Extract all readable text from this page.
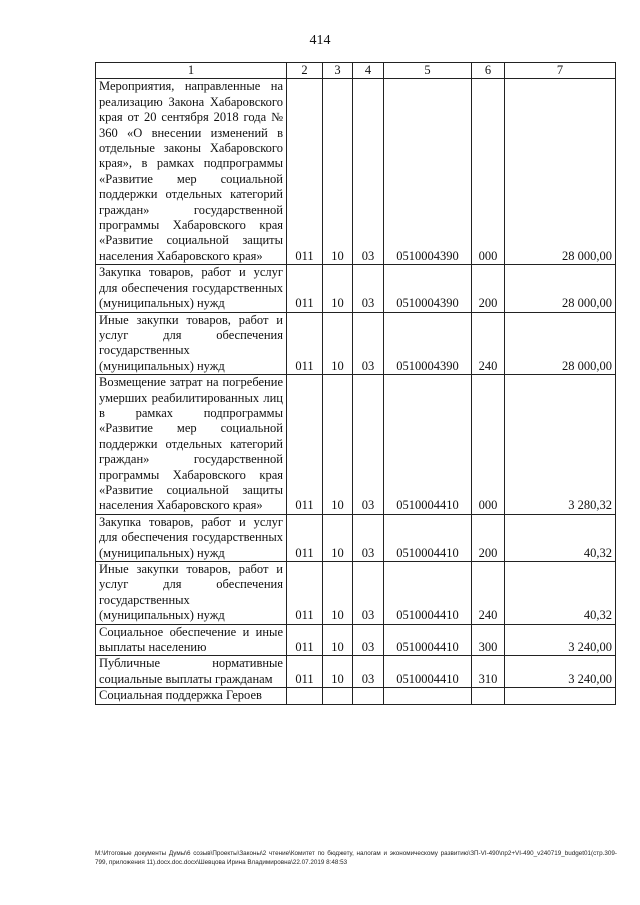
414
1	2	3	4	5	6	7
Мероприятия, направленные на реализацию Закона Хабаровского края от 20 сентября 2018 года № 360 «О внесении изменений в отдельные законы Хабаровского края», в рамках подпрограммы «Развитие мер социальной поддержки отдельных категорий граждан» государственной программы Хабаровского края «Развитие социальной защиты населения Хабаровского края»	011	10	03	0510004390	000	28 000,00
Закупка товаров, работ и услуг для обеспечения государственных (муниципальных) нужд	011	10	03	0510004390	200	28 000,00
Иные закупки товаров, работ и услуг для обеспечения государственных (муниципальных) нужд	011	10	03	0510004390	240	28 000,00
Возмещение затрат на погребение умерших реабилитированных лиц в рамках подпрограммы «Развитие мер социальной поддержки отдельных категорий граждан» государственной программы Хабаровского края «Развитие социальной защиты населения Хабаровского края»	011	10	03	0510004410	000	3 280,32
Закупка товаров, работ и услуг для обеспечения государственных (муниципальных) нужд	011	10	03	0510004410	200	40,32
Иные закупки товаров, работ и услуг для обеспечения государственных (муниципальных) нужд	011	10	03	0510004410	240	40,32
Социальное обеспечение и иные выплаты населению	011	10	03	0510004410	300	3 240,00
Публичные нормативные социальные выплаты гражданам	011	10	03	0510004410	310	3 240,00
Социальная поддержка Героев						
M:\Итоговые документы Думы\6 созыв\Проекты\Законы\2 чтение\Комитет по бюджету, налогам и экономическому развитию\ЗП-VI-490\пр2+VI-490_v240719_budget01(стр.309-799, приложения 11).docx.doc.docx\Шевцова Ирина Владимировна\22.07.2019 8:48:53
